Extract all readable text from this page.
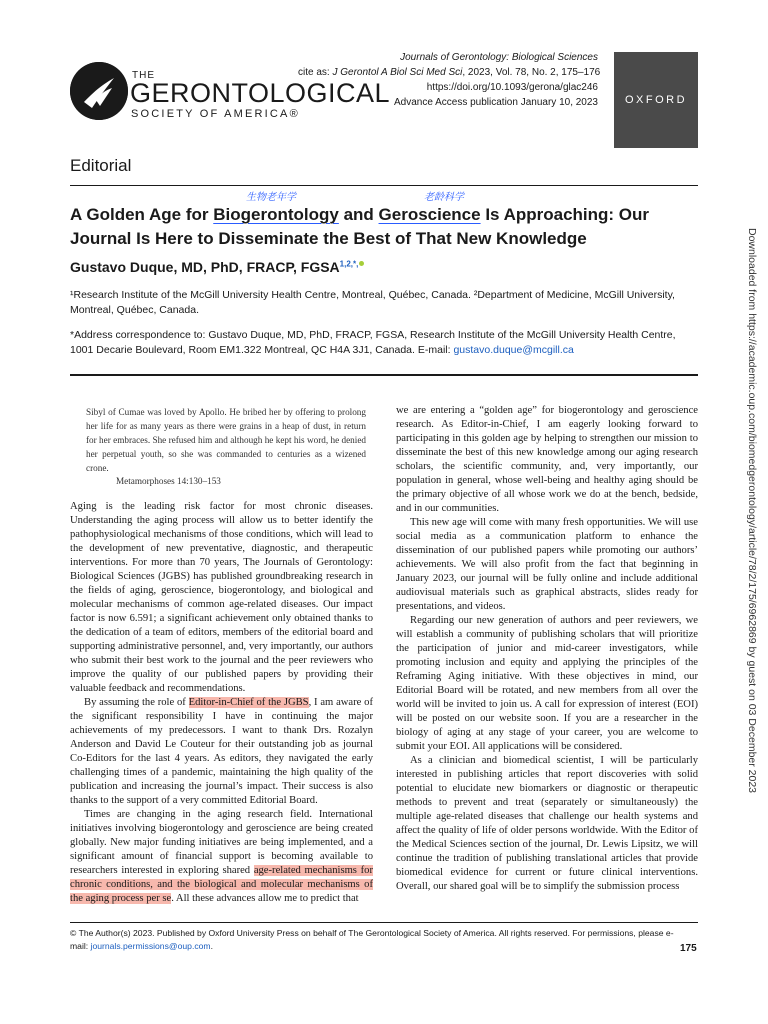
THE
GERONTOLOGICAL
SOCIETY OF AMERICA®
Journals of Gerontology: Biological Sciences
cite as: J Gerontol A Biol Sci Med Sci, 2023, Vol. 78, No. 2, 175–176
https://doi.org/10.1093/gerona/glac246
Advance Access publication January 10, 2023	OXFORD
Editorial
生物老年学	老龄科学
A Golden Age for Biogerontology and Geroscience Is Approaching: Our Journal Is Here to Disseminate the Best of That New Knowledge
Gustavo Duque, MD, PhD, FRACP, $FGSA^{1,2,*,}$
¹Research Institute of the McGill University Health Centre, Montreal, Québec, Canada. ²Department of Medicine, McGill University, Montreal, Québec, Canada.
*Address correspondence to: Gustavo Duque, MD, PhD, FRACP, FGSA, Research Institute of the McGill University Health Centre, 1001 Decarie Boulevard, Room EM1.322 Montreal, QC H4A 3J1, Canada. E-mail: gustavo.duque@mcgill.ca
Sibyl of Cumae was loved by Apollo. He bribed her by offering to prolong her life for as many years as there were grains in a heap of dust, in return for her embraces. She refused him and although he kept his word, he denied her perpetual youth, so she was commanded to centuries as a wizened crone.
Metamorphoses 14:130–153

Aging is the leading risk factor for most chronic diseases. Understanding the aging process will allow us to better identify the pathophysiological mechanisms of those conditions, which will lead to the development of new preventative, diagnostic, and therapeutic interventions. For more than 70 years, The Journals of Gerontology: Biological Sciences (JGBS) has published groundbreaking research in the fields of aging, geroscience, biogerontology, and biological and molecular mechanisms of common age-related diseases. Our impact factor is now 6.591; a significant achievement only obtained thanks to the dedication of a team of editors, members of the editorial board and supporting administrative personnel, and, very importantly, our authors who submit their best work to the journal and the peer reviewers who improve the quality of our published papers by providing their valuable feedback and recommendations.

By assuming the role of Editor-in-Chief of the JGBS, I am aware of the significant responsibility I have in continuing the major achievements of my predecessors. I want to thank Drs. Rozalyn Anderson and David Le Couteur for their outstanding job as journal Co-Editors for the last 4 years. As editors, they navigated the early challenging times of a pandemic, maintaining the high quality of the publication and increasing the journal’s impact. Their success is also thanks to the support of a very committed Editorial Board.

Times are changing in the aging research field. International initiatives involving biogerontology and geroscience are being created globally. New major funding initiatives are being implemented, and a significant amount of financial support is becoming available to researchers interested in exploring shared age-related mechanisms for chronic conditions, and the biological and molecular mechanisms of the aging process per se. All these advances allow me to predict that

we are entering a “golden age” for biogerontology and geroscience research. As Editor-in-Chief, I am eagerly looking forward to participating in this golden age by helping to strengthen our mission to disseminate the best of this new knowledge among our aging research scholars, the scientific community, and, very importantly, our population in general, whose well-being and healthy aging should be the primary objective of all whose work we do at the bench, bedside, and in our communities.

This new age will come with many fresh opportunities. We will use social media as a communication platform to enhance the dissemination of our published papers while promoting our authors’ achievements. We will also profit from the fact that beginning in January 2023, our journal will be fully online and include additional audiovisual materials such as graphical abstracts, slides ready for presentations, and videos.

Regarding our new generation of authors and peer reviewers, we will establish a community of publishing scholars that will prioritize the participation of junior and mid-career investigators, while promoting inclusion and equity and applying the principles of the Reframing Aging initiative. With these objectives in mind, our Editorial Board will be rotated, and new members from all over the world will be invited to join us. A call for expression of interest (EOI) will be posted on our website soon. If you are a researcher in the biology of aging at any stage of your career, you are welcome to submit your EOI. All applications will be considered.

As a clinician and biomedical scientist, I will be particularly interested in publishing articles that report discoveries with solid potential to elucidate new biomarkers or diagnostic or therapeutic methods to prevent and treat (separately or simultaneously) the multiple age-related diseases that challenge our health systems and affect the quality of life of older persons worldwide. With the Editor of the Medical Sciences section of the journal, Dr. Lewis Lipsitz, we will continue the tradition of publishing translational articles that provide biomedical evidence for current or future clinical interventions. Overall, our shared goal will be to simplify the submission process

Downloaded from https://academic.oup.com/biomedgerontology/article/78/2/175/6962869 by guest on 03 December 2023
© The Author(s) 2023. Published by Oxford University Press on behalf of The Gerontological Society of America. All rights reserved. For permissions, please e-mail: journals.permissions@oup.com.	175
